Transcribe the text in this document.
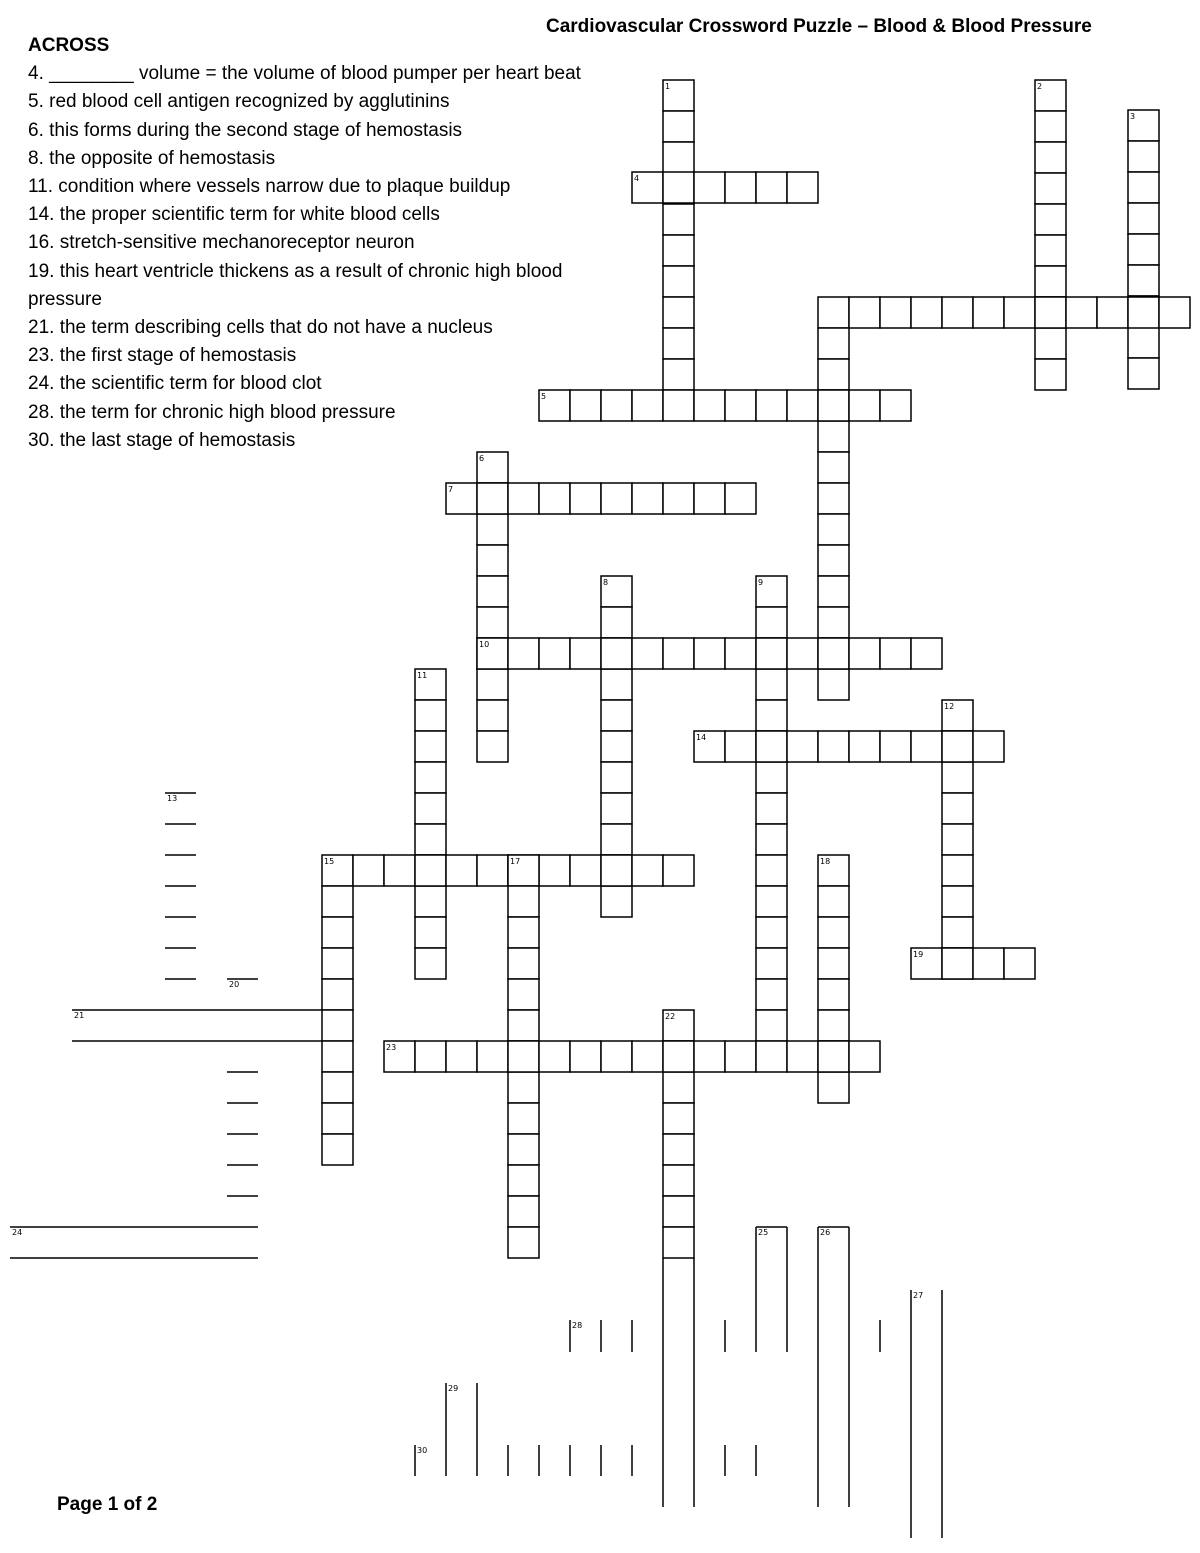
Cardiovascular Crossword Puzzle – Blood & Blood Pressure
ACROSS
4. ________ volume = the volume of blood pumper per heart beat
5. red blood cell antigen recognized by agglutinins
6. this forms during the second stage of hemostasis
8. the opposite of hemostasis
11. condition where vessels narrow due to plaque buildup
14. the proper scientific term for white blood cells
16. stretch-sensitive mechanoreceptor neuron
19. this heart ventricle thickens as a result of chronic high blood pressure
21. the term describing cells that do not have a nucleus
23. the first stage of hemostasis
24. the scientific term for blood clot
28. the term for chronic high blood pressure
30. the last stage of hemostasis
1	2
3
4
5
6
7
8	9
10
11
12
14
15	17	18
19
22
23
13
20
21
24	25	26
27
28
29
30
Page 1 of 2
